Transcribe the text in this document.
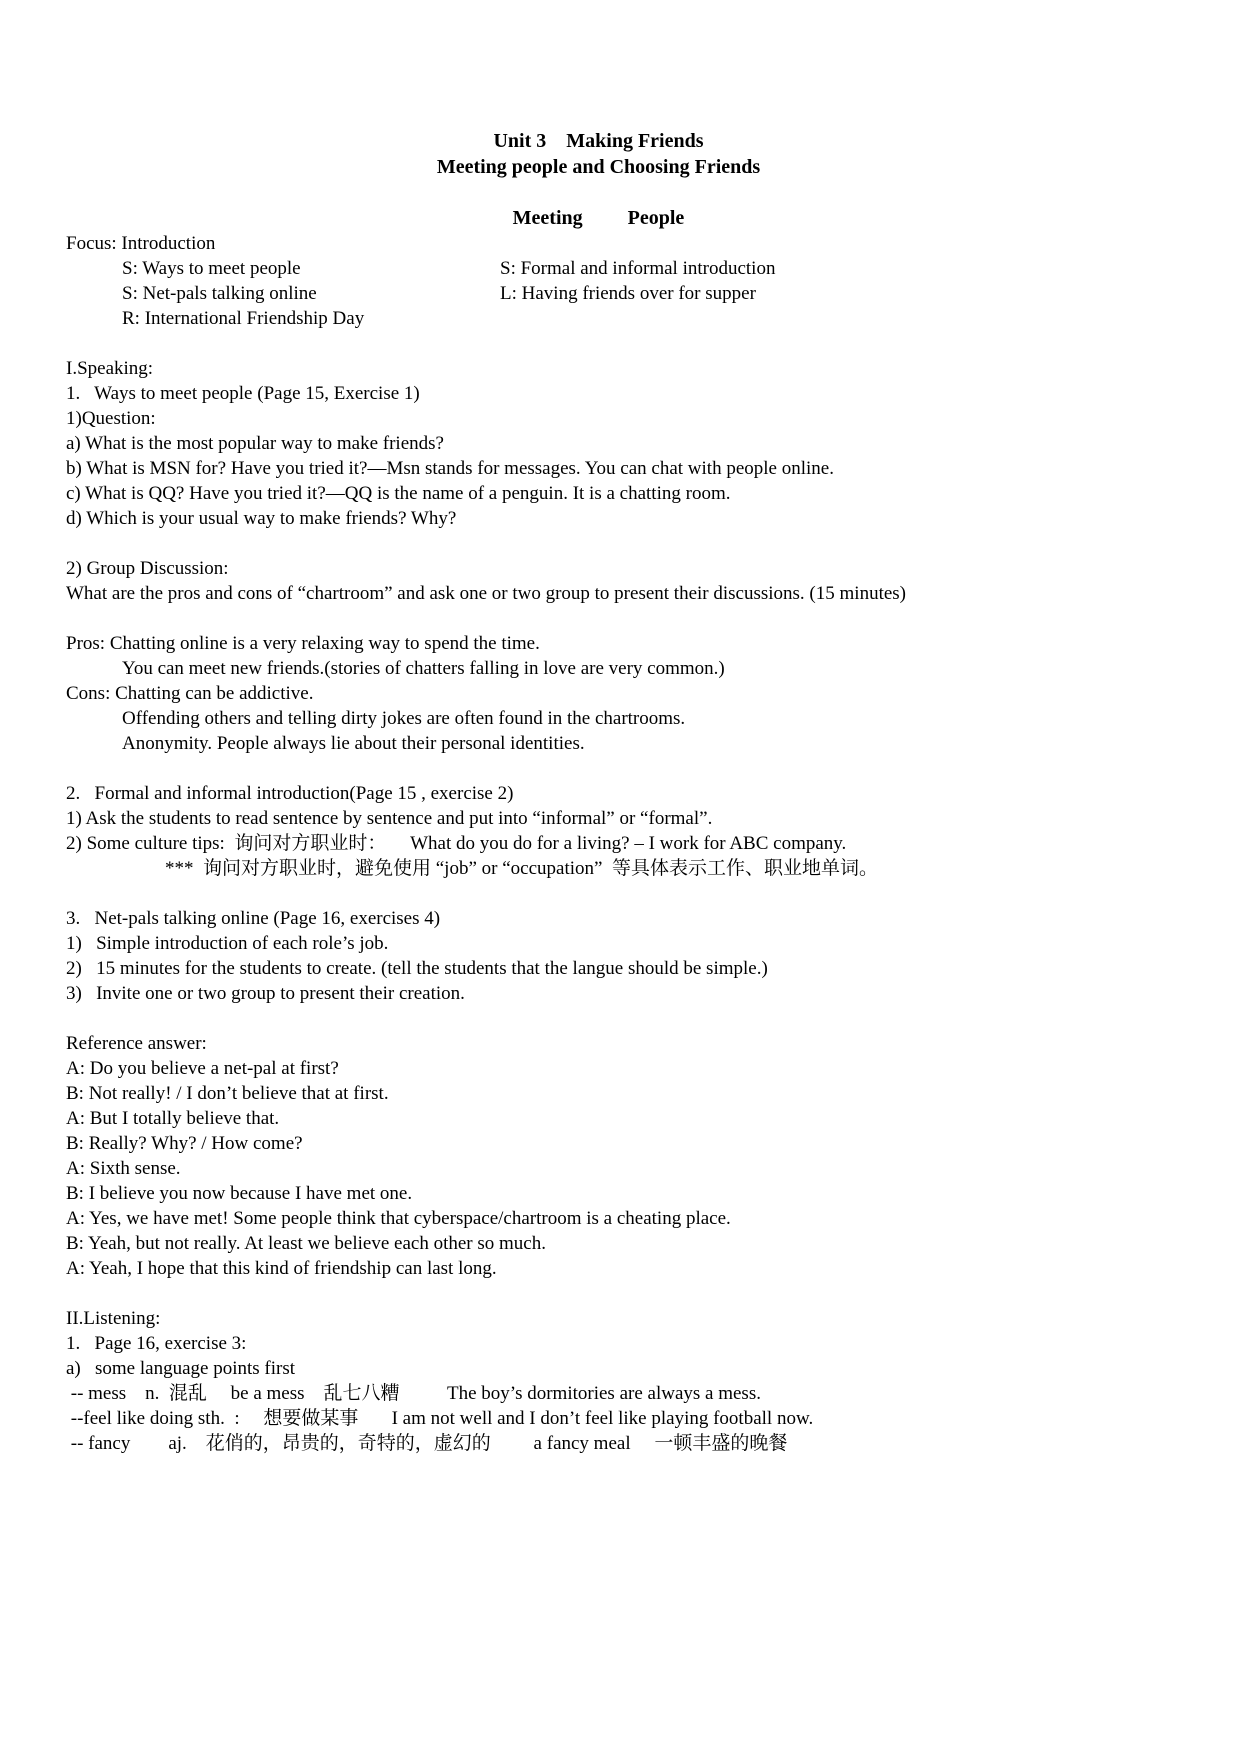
Unit 3    Making Friends
Meeting people and Choosing Friends
Meeting People
Focus: Introduction
S: Ways to meet people	S: Formal and informal introduction
S: Net-pals talking online	L: Having friends over for supper
R: International Friendship Day
I.Speaking:
1.   Ways to meet people (Page 15, Exercise 1)
1)Question:
a) What is the most popular way to make friends?
b) What is MSN for? Have you tried it?—Msn stands for messages. You can chat with people online.
c) What is QQ? Have you tried it?—QQ is the name of a penguin. It is a chatting room.
d) Which is your usual way to make friends? Why?
2) Group Discussion:
What are the pros and cons of “chartroom” and ask one or two group to present their discussions. (15 minutes)
Pros: Chatting online is a very relaxing way to spend the time.
You can meet new friends.(stories of chatters falling in love are very common.)
Cons: Chatting can be addictive.
Offending others and telling dirty jokes are often found in the chartrooms.
Anonymity. People always lie about their personal identities.
2.   Formal and informal introduction(Page 15 , exercise 2)
1) Ask the students to read sentence by sentence and put into “informal” or “formal”.
2) Some culture tips:  询问对方职业时：     What do you do for a living? – I work for ABC company.
***  询问对方职业时，避免使用 “job” or “occupation”  等具体表示工作、职业地单词。
3.   Net-pals talking online (Page 16, exercises 4)
1)   Simple introduction of each role’s job.
2)   15 minutes for the students to create. (tell the students that the langue should be simple.)
3)   Invite one or two group to present their creation.
Reference answer:
A: Do you believe a net-pal at first?
B: Not really! / I don’t believe that at first.
A: But I totally believe that.
B: Really? Why? / How come?
A: Sixth sense.
B: I believe you now because I have met one.
A: Yes, we have met! Some people think that cyberspace/chartroom is a cheating place.
B: Yeah, but not really. At least we believe each other so much.
A: Yeah, I hope that this kind of friendship can last long.
II.Listening:
1.   Page 16, exercise 3:
a)   some language points first
-- mess    n.  混乱     be a mess    乱七八糟          The boy’s dormitories are always a mess.
--feel like doing sth.  :     想要做某事       I am not well and I don’t feel like playing football now.
-- fancy        aj.    花俏的，昂贵的，奇特的，虚幻的         a fancy meal     一顿丰盛的晚餐
